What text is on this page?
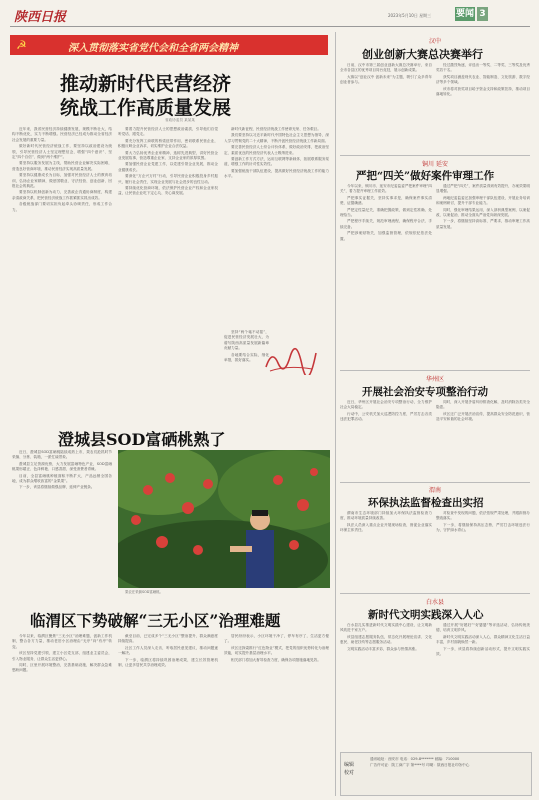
陕西日报	2023年5月10日 星期三	要闻 3
☭	深入贯彻落实省党代会和全省两会精神
推动新时代民营经济
统战工作高质量发展
省政协委员 某某某

近年来，我省民营经济持续健康发展，规模不断壮大，结构不断优化，实力不断增强。民营经济已经成为推动全省经济社会发展的重要力量。

做好新时代民营经济统战工作，要坚持以政治建设为统领，引导民营经济人士坚定理想信念，增强“四个意识”、坚定“四个自信”、做到“两个维护”。

要坚持以服务发展为主线，帮助民营企业解决实际困难，营造良好营商环境，推动民营经济实现高质量发展。

要坚持以健康成长为目标，加强对民营经济人士的教育培训，弘扬企业家精神，做爱国敬业、守法经营、创业创新、回报社会的典范。

要坚持以机制创新为动力，完善政企沟通协商制度，构建亲清政商关系，把民营经济统战工作抓紧抓实抓出成效。

各级统战部门要切实担负起牵头协调责任，形成工作合力。

要着力提升民营经济人士的思想政治素质，引导他们自觉听党话、跟党走。

要充分发挥工商联的桥梁纽带作用，密切联系民营企业，积极反映企业诉求，切实维护企业合法权益。

要大力弘扬优秀企业家精神，选树先进典型，讲好民营企业发展故事，营造尊重企业家、支持企业家的浓厚氛围。

要加强民营企业党建工作，以党建引领企业发展，推动企业健康成长。

要深化“万企兴万村”行动，引导民营企业积极投身乡村振兴，履行社会责任，实现企业发展与社会进步的良性互动。

要持续优化营商环境，依法保护民营企业产权和企业家权益，让民营企业吃下定心丸、安心谋发展。

新时代新征程，民营经济统战工作使命光荣、任务艰巨。

我们要坚持以习近平新时代中国特色社会主义思想为指导，深入学习贯彻党的二十大精神，不断开创民营经济统战工作新局面。

要完善民营经济人士综合评价体系，做好政治安排，把政治坚定、素质优良的民营经济代表人士吸纳进来。

要创新工作方式方法，运用互联网等新载体，拓展联系服务渠道，增强工作的针对性实效性。

要加强统战干部队伍建设，提高做好民营经济统战工作的能力水平。

坚持“两个毫不动摇”，促进民营经济发展壮大，为谱写陕西高质量发展新篇章贡献力量。

各地要结合实际，细化举措，抓好落实。

澄城县SOD富硒桃熟了

近日，澄城县SOD富硒桃陆续成熟上市，果农们抢抓时节采摘、分拣、装箱，一派忙碌景象。

澄城县立足资源优势，大力发展富硒特色产业，SOD富硒桃果形端正、色泽鲜艳、口感香甜，深受消费者青睐。

目前，全县富硒桃种植面积不断扩大，产品远销全国各地，成为群众增收致富的“金果果”。

下一步，该县将继续做强品牌，延伸产业链条。

果农在采摘SOD富硒桃。

临渭区下势破解“三无小区”治理难题

今年以来，临渭区聚焦“三无小区”治理难题，创新工作机制，整合各方力量，推动老旧小区治理由“无序”向“有序”转变。

该区坚持党建引领，建立小区党支部，组建业主委员会，引入物业服务，让群众生活更舒心。

同时，区里开展环境整治，完善基础设施，解决群众急难愁盼问题。

截至目前，已完成多个“三无小区”整治提升，群众满意度持续提高。

社区工作人员深入走访，听取居民意见建议，推动问题逐一解决。

下一步，临渭区将持续巩固治理成果，建立长效管理机制，让更多居民共享治理成效。

居民纷纷表示，小区环境干净了，停车有序了，生活更方便了。

该区还探索推行“红色物业”模式，把党的组织优势转化为治理效能，切实提升基层治理水平。

相关部门将加大督导检查力度，确保各项措施落地见效。

汉中
创业创新大赛总决赛举行

日前，汉中市第三届创业创新大赛总决赛举行，来自全市各县区的优秀项目同台竞技，展示创新成果。

大赛以“创业汉中 创新未来”为主题，吸引了众多青年创业者参与。

经过激烈角逐，评选出一等奖、二等奖、三等奖及优秀奖若干名。

获奖项目涵盖现代农业、智能制造、文化旅游、数字经济等多个领域。

该市将对获奖项目给予资金支持和政策扶持，推动项目落地转化。

铜川 延安
严把“四关”做好案件审理工作

今年以来，铜川市、延安市纪委监委严把案件审理“四关”，着力提升审理工作质效。

严把事实证据关，坚持实事求是，确保案件事实清楚、证据确凿。

严把定性量纪关，准确把握政策，做到定性准确、处理恰当。

严把程序手续关，规范审理流程，确保程序合法、手续完备。

严把涉案财物关，加强监督管理，依规依纪依法处置。

通过严把“四关”，案件质量得到有效提升，办案效果明显增强。

两地纪委监委还加强审理干部队伍建设，开展业务培训和案例研讨，提升干部专业能力。

同时，强化审理结果运用，深入剖析典型案例，以案促改、以案促治，推动全面从严治党向纵深发展。

下一步，将继续坚持高标准、严要求，推动审理工作高质量发展。

华州区
开展社会治安专项整治行动

近日，华州区开展社会治安专项整治行动，全力维护社会大局稳定。

行动中，公安机关加大巡逻防控力度，严厉打击各类违法犯罪活动。

同时，深入开展矛盾纠纷排查化解，及时消除各类安全隐患。

该区还广泛开展法治宣传，提高群众安全防范意识，营造平安和谐的社会环境。

渭南
环保执法监督检查出实招

渭南市生态环境部门持续加大环保执法监督检查力度，推动环境质量持续改善。

执法人员深入重点企业开展现场检查，督促企业落实环保主体责任。

对检查中发现的问题，依法依规严肃处理，并跟踪督办整改落实。

下一步，将继续保持高压态势，严厉打击环境违法行为，守护绿水青山。

白水县
新时代文明实践深入人心

白水县扎实推进新时代文明实践中心建设，让文明新风吹进千家万户。

该县组建志愿服务队伍，常态化开展理论宣讲、文化惠民、助老扶幼等志愿服务活动。

文明实践活动丰富多彩，群众参与热情高涨。

通过开展“好媳妇”“好婆婆”等评选活动，弘扬传统美德，培育文明乡风。

新时代文明实践活动深入人心，群众精神文化生活日益丰富，乡村面貌焕然一新。

下一步，该县将持续创新活动形式，提升文明实践实效。

编辑
校对

通讯地址：西安市 电话：029-8******* 邮编：710000

广告许可证：陕工商广字 第****号 印刷：陕西日报社印务中心
